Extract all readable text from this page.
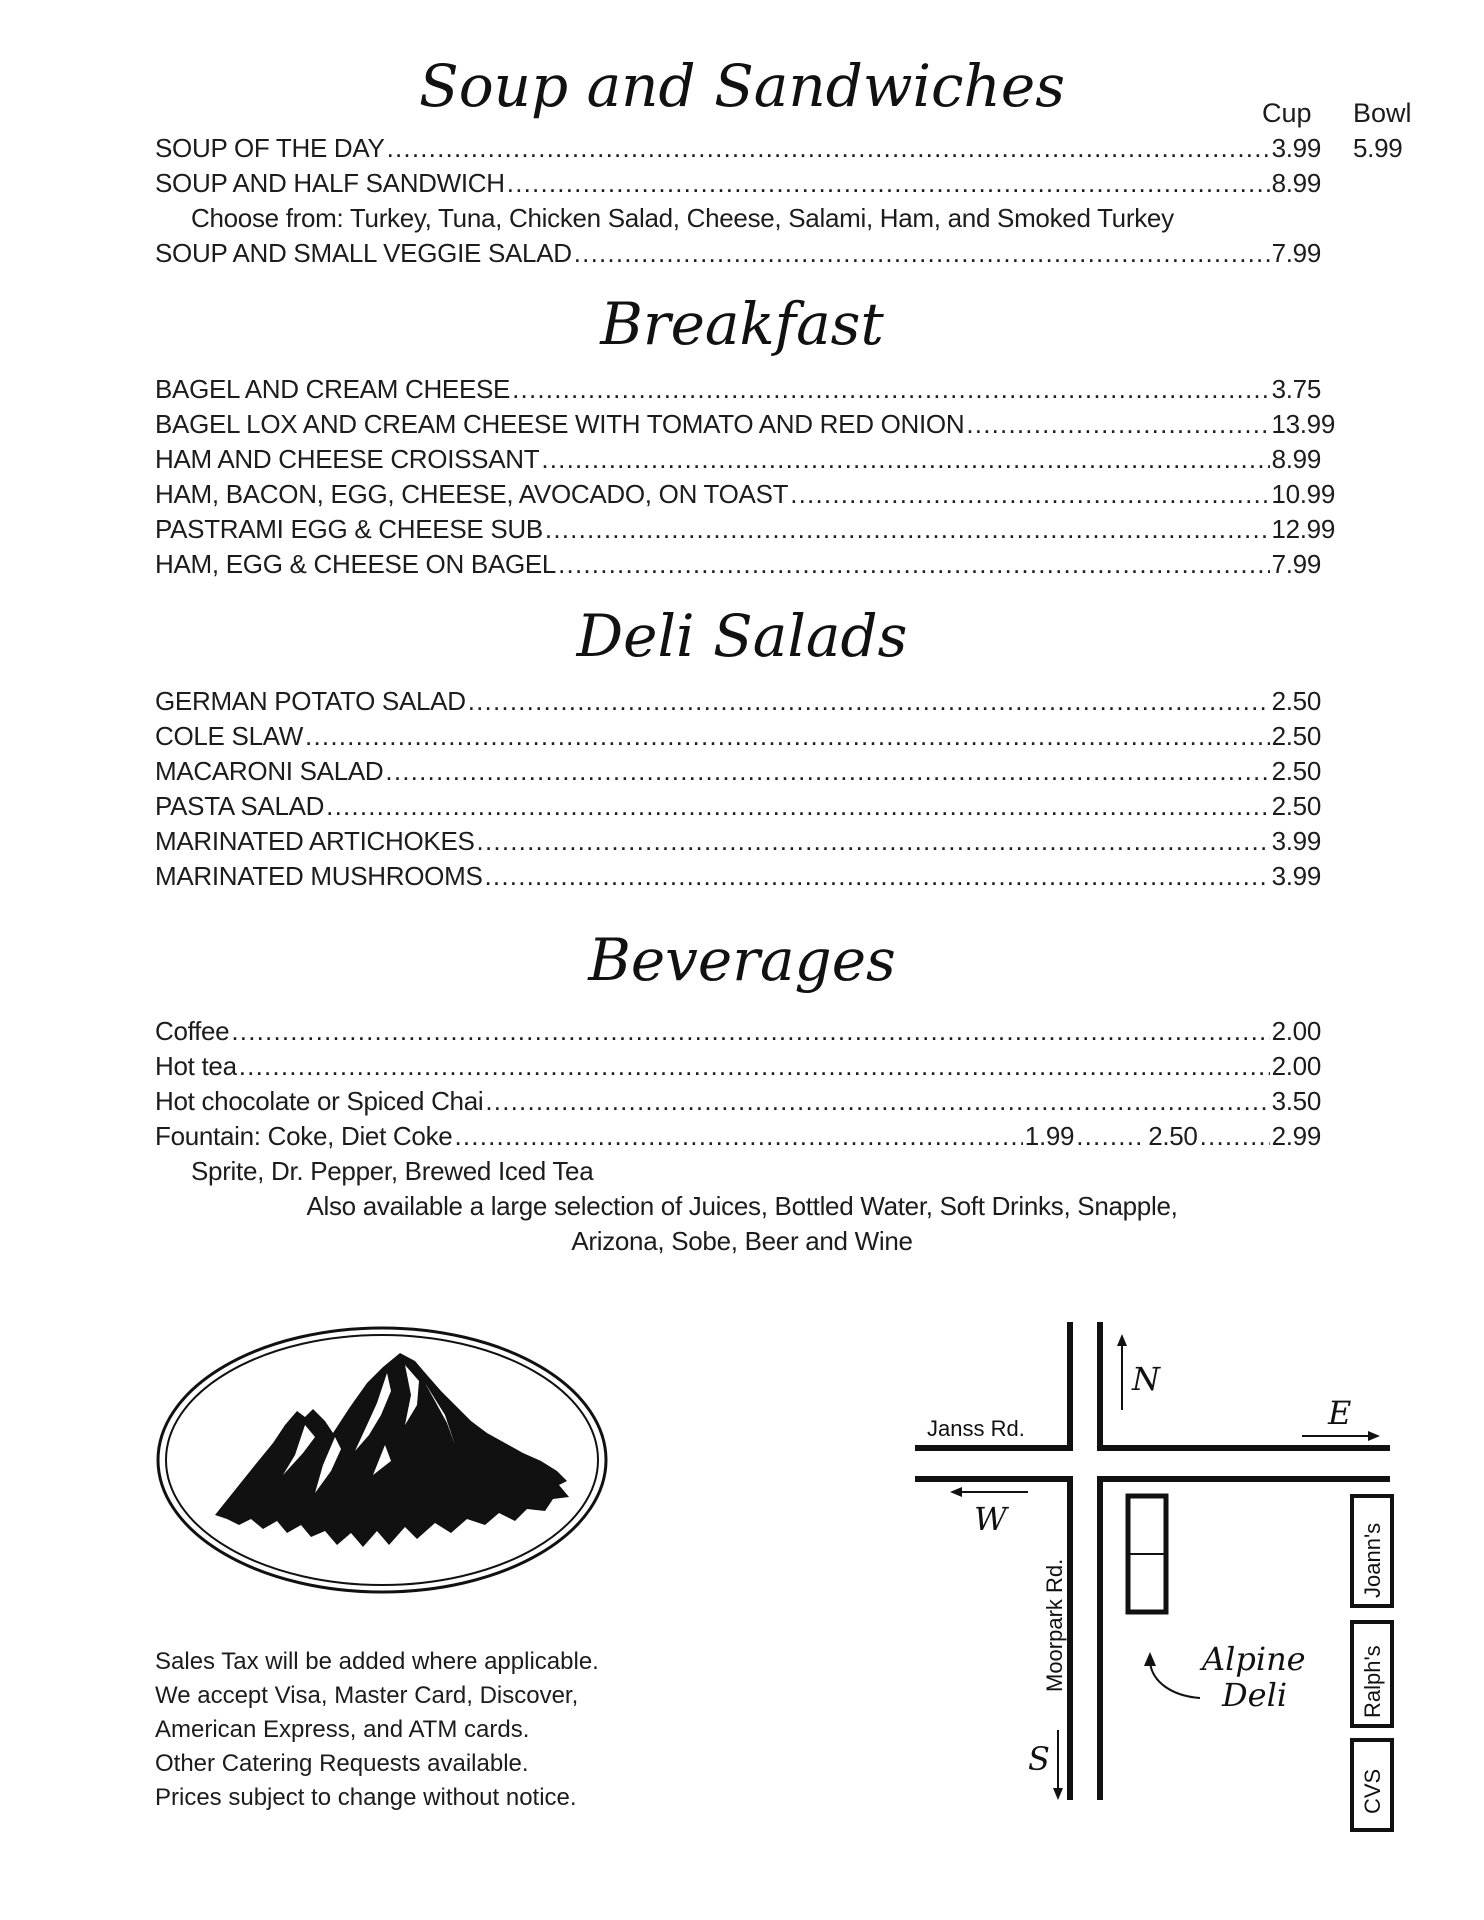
Soup and Sandwiches	Cup Bowl
SOUP OF THE DAY .....	3.99 5.99
SOUP AND HALF SANDWICH .....	8.99
Choose from: Turkey, Tuna, Chicken Salad, Cheese, Salami, Ham, and Smoked Turkey
SOUP AND SMALL VEGGIE SALAD .....	7.99
Breakfast
BAGEL AND CREAM CHEESE .....	3.75
BAGEL LOX AND CREAM CHEESE WITH TOMATO AND RED ONION .....	13.99
HAM AND CHEESE CROISSANT .....	8.99
HAM, BACON, EGG, CHEESE, AVOCADO, ON TOAST .....	10.99
PASTRAMI EGG & CHEESE SUB .....	12.99
HAM, EGG & CHEESE ON BAGEL .....	7.99
Deli Salads
GERMAN POTATO SALAD .....	2.50
COLE SLAW .....	2.50
MACARONI SALAD .....	2.50
PASTA SALAD .....	2.50
MARINATED ARTICHOKES .....	3.99
MARINATED MUSHROOMS .....	3.99
Beverages
Coffee .....	2.00
Hot tea .....	2.00
Hot chocolate or Spiced Chai .....	3.50
Fountain: Coke, Diet Coke .....	1.99 .....	2.50 .....	2.99
Sprite, Dr. Pepper, Brewed Iced Tea
Also available a large selection of Juices, Bottled Water, Soft Drinks, Snapple,
Arizona, Sobe, Beer and Wine
Sales Tax will be added where applicable.
We accept Visa, Master Card, Discover,
American Express, and ATM cards.
Other Catering Requests available.
Prices subject to change without notice.
Janss Rd.
Moorpark Rd.
N
E
W
S
Alpine
Deli
Joann's
Ralph's
CVS
